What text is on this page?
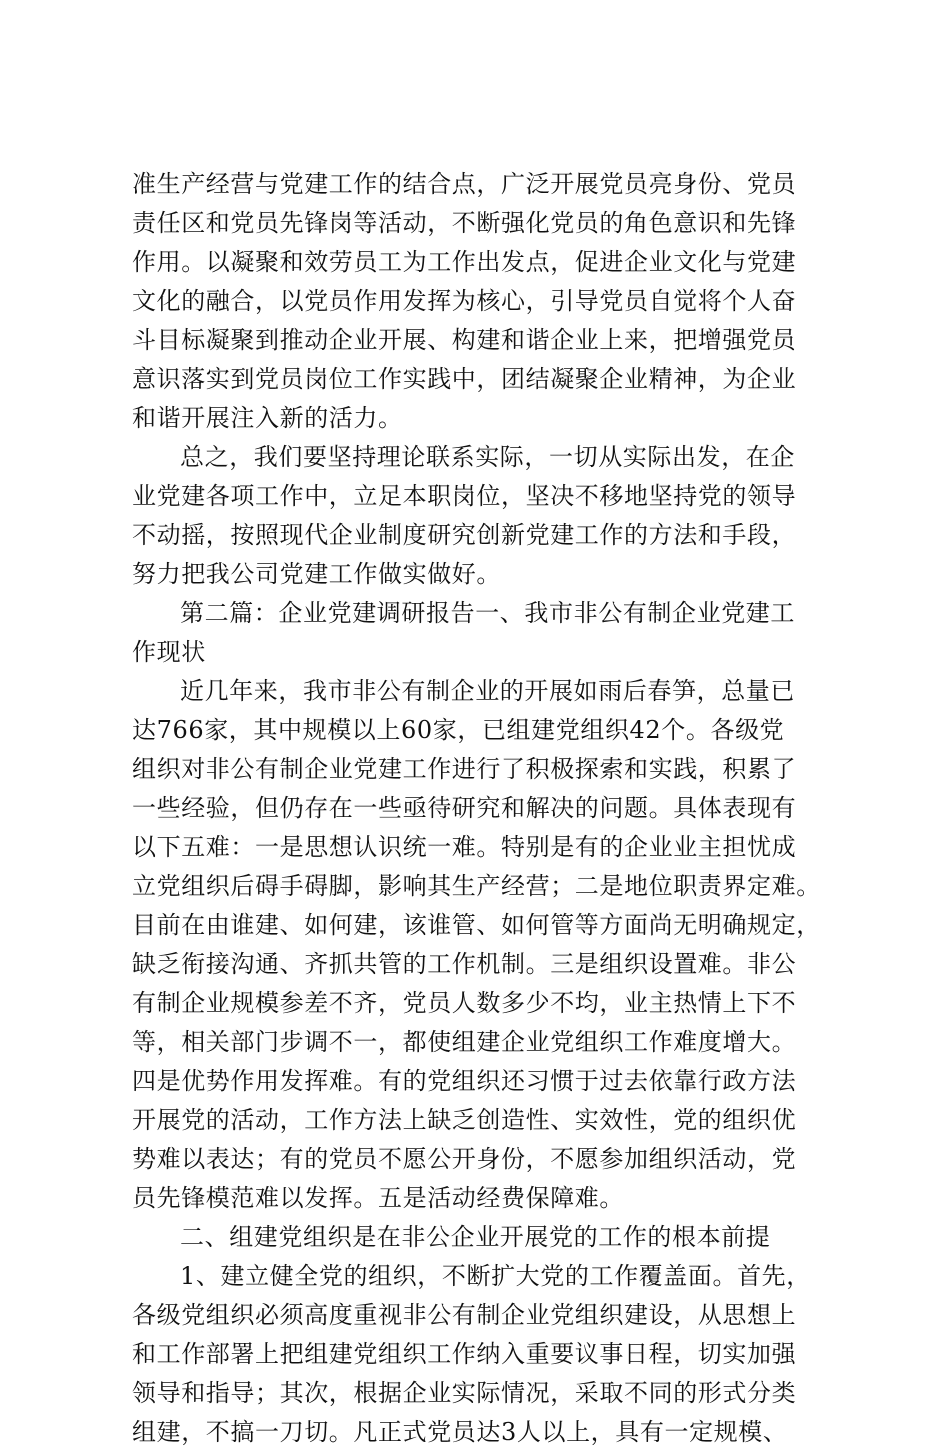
准生产经营与党建工作的结合点，广泛开展党员亮身份、党员
责任区和党员先锋岗等活动，不断强化党员的角色意识和先锋
作用。以凝聚和效劳员工为工作出发点，促进企业文化与党建
文化的融合，以党员作用发挥为核心，引导党员自觉将个人奋
斗目标凝聚到推动企业开展、构建和谐企业上来，把增强党员
意识落实到党员岗位工作实践中，团结凝聚企业精神，为企业
和谐开展注入新的活力。
总之，我们要坚持理论联系实际，一切从实际出发，在企
业党建各项工作中，立足本职岗位，坚决不移地坚持党的领导
不动摇，按照现代企业制度研究创新党建工作的方法和手段，
努力把我公司党建工作做实做好。
第二篇：企业党建调研报告一、我市非公有制企业党建工
作现状
近几年来，我市非公有制企业的开展如雨后春笋，总量已
达766家，其中规模以上60家，已组建党组织42个。各级党
组织对非公有制企业党建工作进行了积极探索和实践，积累了
一些经验，但仍存在一些亟待研究和解决的问题。具体表现有
以下五难：一是思想认识统一难。特别是有的企业业主担忧成
立党组织后碍手碍脚，影响其生产经营；二是地位职责界定难。
目前在由谁建、如何建，该谁管、如何管等方面尚无明确规定，
缺乏衔接沟通、齐抓共管的工作机制。三是组织设置难。非公
有制企业规模参差不齐，党员人数多少不均，业主热情上下不
等，相关部门步调不一，都使组建企业党组织工作难度增大。
四是优势作用发挥难。有的党组织还习惯于过去依靠行政方法
开展党的活动，工作方法上缺乏创造性、实效性，党的组织优
势难以表达；有的党员不愿公开身份，不愿参加组织活动，党
员先锋模范难以发挥。五是活动经费保障难。
二、组建党组织是在非公企业开展党的工作的根本前提
1、建立健全党的组织，不断扩大党的工作覆盖面。首先，
各级党组织必须高度重视非公有制企业党组织建设，从思想上
和工作部署上把组建党组织工作纳入重要议事日程，切实加强
领导和指导；其次，根据企业实际情况，采取不同的形式分类
组建，不搞一刀切。凡正式党员达3人以上，具有一定规模、
